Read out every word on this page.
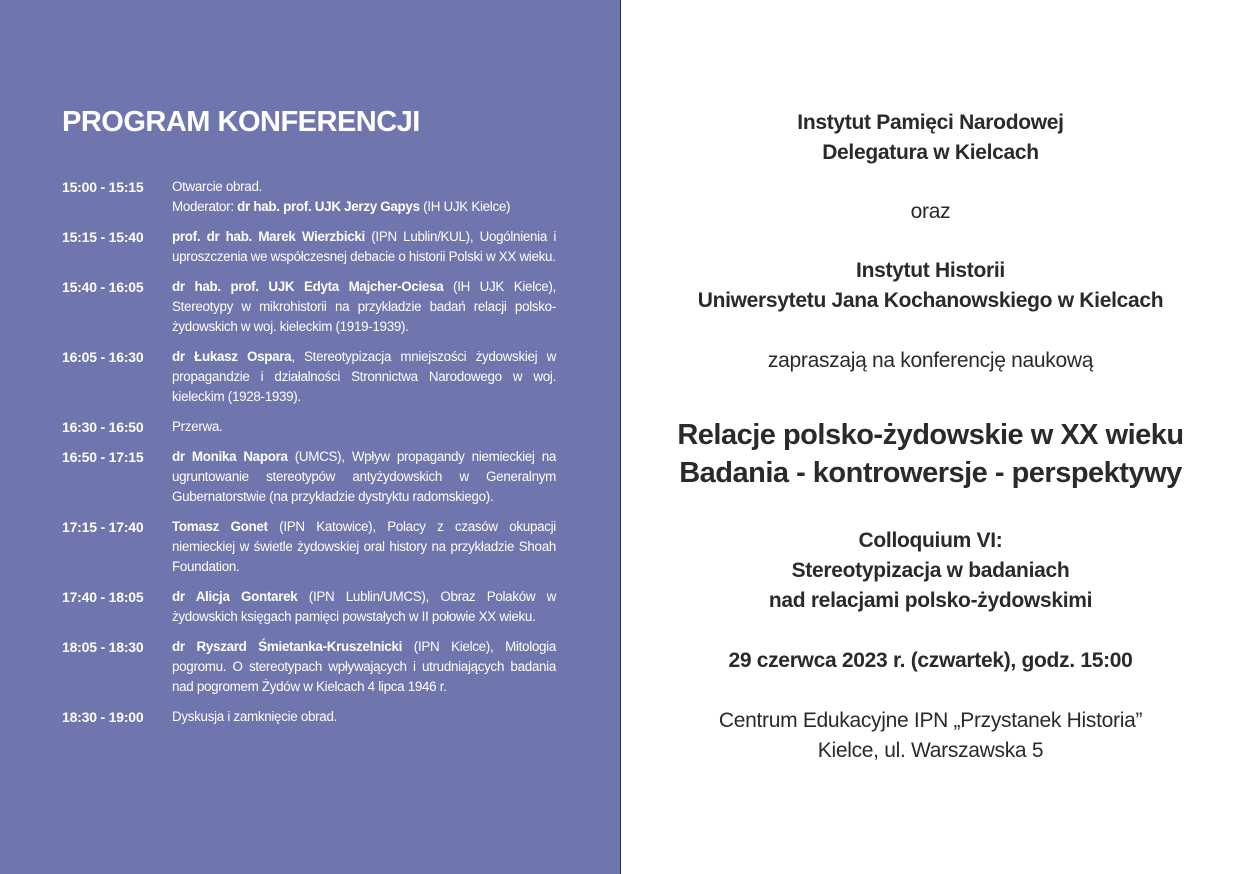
PROGRAM KONFERENCJI
15:00 - 15:15	Otwarcie obrad.
Moderator: dr hab. prof. UJK Jerzy Gapys (IH UJK Kielce)
15:15 - 15:40	prof. dr hab. Marek Wierzbicki (IPN Lublin/KUL), Uogólnienia i uproszczenia we współczesnej debacie o historii Polski w XX wieku.
15:40 - 16:05	dr hab. prof. UJK Edyta Majcher-Ociesa (IH UJK Kielce), Stereotypy w mikrohistorii na przykładzie badań relacji polsko-żydowskich w woj. kieleckim (1919-1939).
16:05 - 16:30	dr Łukasz Ospara, Stereotypizacja mniejszości żydowskiej w propagandzie i działalności Stronnictwa Narodowego w woj. kieleckim (1928-1939).
16:30 - 16:50	Przerwa.
16:50 - 17:15	dr Monika Napora (UMCS), Wpływ propagandy niemieckiej na ugruntowanie stereotypów antyżydowskich w Generalnym Gubernatorstwie (na przykładzie dystryktu radomskiego).
17:15 - 17:40	Tomasz Gonet (IPN Katowice), Polacy z czasów okupacji niemieckiej w świetle żydowskiej oral history na przykładzie Shoah Foundation.
17:40 - 18:05	dr Alicja Gontarek (IPN Lublin/UMCS), Obraz Polaków w żydowskich księgach pamięci powstałych w II połowie XX wieku.
18:05 - 18:30	dr Ryszard Śmietanka-Kruszelnicki (IPN Kielce), Mitologia pogromu. O stereotypach wpływających i utrudniających badania nad pogromem Żydów w Kielcach 4 lipca 1946 r.
18:30 - 19:00	Dyskusja i zamknięcie obrad.
Instytut Pamięci Narodowej
Delegatura w Kielcach
oraz
Instytut Historii
Uniwersytetu Jana Kochanowskiego w Kielcach
zapraszają na konferencję naukową
Relacje polsko-żydowskie w XX wieku
Badania - kontrowersje - perspektywy
Colloquium VI:
Stereotypizacja w badaniach
nad relacjami polsko-żydowskimi
29 czerwca 2023 r. (czwartek), godz. 15:00
Centrum Edukacyjne IPN „Przystanek Historia”
Kielce, ul. Warszawska 5
